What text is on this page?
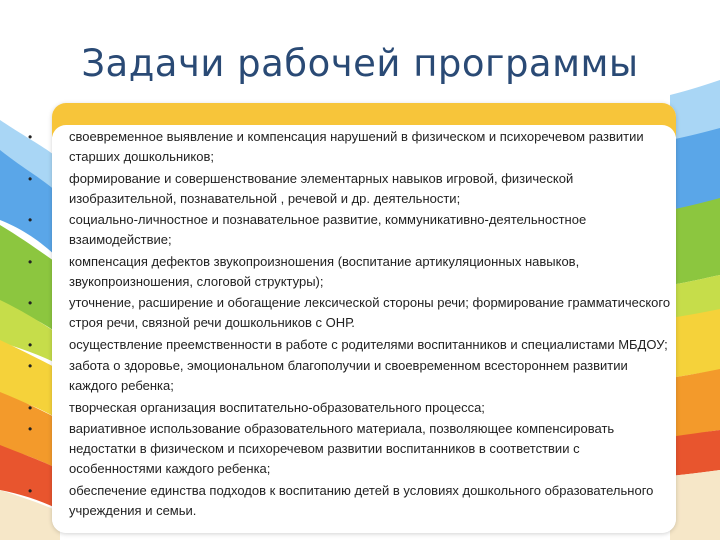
Задачи рабочей программы
•	своевременное выявление и компенсация нарушений в физическом и психоречевом развитии старших дошкольников;
•	формирование и совершенствование элементарных навыков игровой, физической изобразительной, познавательной , речевой и др. деятельности;
•	социально-личностное и познавательное развитие, коммуникативно-деятельностное взаимодействие;
•	компенсация дефектов звукопроизношения (воспитание артикуляционных навыков, звукопроизношения, слоговой структуры);
•	уточнение, расширение и обогащение лексической стороны речи; формирование грамматического строя речи, связной речи дошкольников с ОНР.
•	осуществление преемственности в работе с родителями воспитанников и специалистами МБДОУ;
•	забота о здоровье, эмоциональном благополучии и своевременном всестороннем развитии каждого ребенка;
•	творческая организация воспитательно-образовательного процесса;
•	вариативное использование образовательного материала, позволяющее компенсировать недостатки в физическом и психоречевом развитии воспитанников в соответствии с особенностями каждого ребенка;
•	обеспечение единства подходов к воспитанию детей в условиях дошкольного образовательного учреждения и семьи.
